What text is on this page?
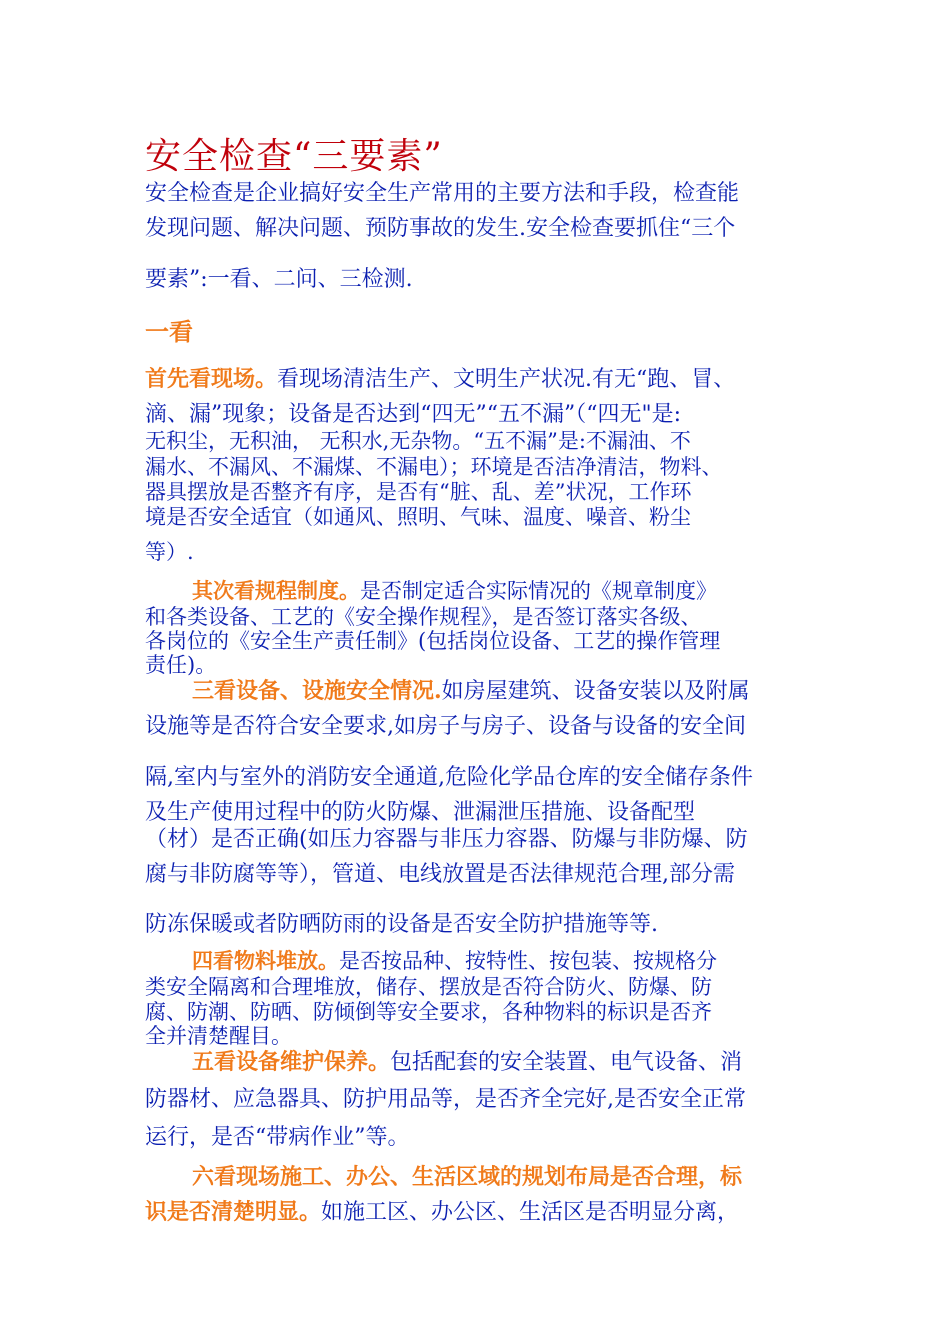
安全检查“三要素”
安全检查是企业搞好安全生产常用的主要方法和手段，检查能
发现问题、解决问题、预防事故的发生.安全检查要抓住“三个
要素”:一看、二问、三检测.
一看
首先看现场。看现场清洁生产、文明生产状况.有无“跑、冒、
滴、漏”现象；设备是否达到“四无”“五不漏”（“四无"是:
无积尘，无积油， 无积水,无杂物。“五不漏”是:不漏油、不
漏水、不漏风、不漏煤、不漏电）；环境是否洁净清洁，物料、
器具摆放是否整齐有序，是否有“脏、乱、差”状况，工作环
境是否安全适宜（如通风、照明、气味、温度、噪音、粉尘
等）.
其次看规程制度。是否制定适合实际情况的《规章制度》
和各类设备、工艺的《安全操作规程》，是否签订落实各级、
各岗位的《安全生产责任制》(包括岗位设备、工艺的操作管理
责任)。
三看设备、设施安全情况.如房屋建筑、设备安装以及附属
设施等是否符合安全要求,如房子与房子、设备与设备的安全间
隔,室内与室外的消防安全通道,危险化学品仓库的安全储存条件
及生产使用过程中的防火防爆、泄漏泄压措施、设备配型
（材）是否正确(如压力容器与非压力容器、防爆与非防爆、防
腐与非防腐等等），管道、电线放置是否法律规范合理,部分需
防冻保暖或者防晒防雨的设备是否安全防护措施等等.
四看物料堆放。是否按品种、按特性、按包装、按规格分
类安全隔离和合理堆放，储存、摆放是否符合防火、防爆、防
腐、防潮、防晒、防倾倒等安全要求，各种物料的标识是否齐
全并清楚醒目。
五看设备维护保养。包括配套的安全装置、电气设备、消
防器材、应急器具、防护用品等，是否齐全完好,是否安全正常
运行，是否“带病作业”等。
六看现场施工、办公、生活区域的规划布局是否合理，标
识是否清楚明显。如施工区、办公区、生活区是否明显分离，
